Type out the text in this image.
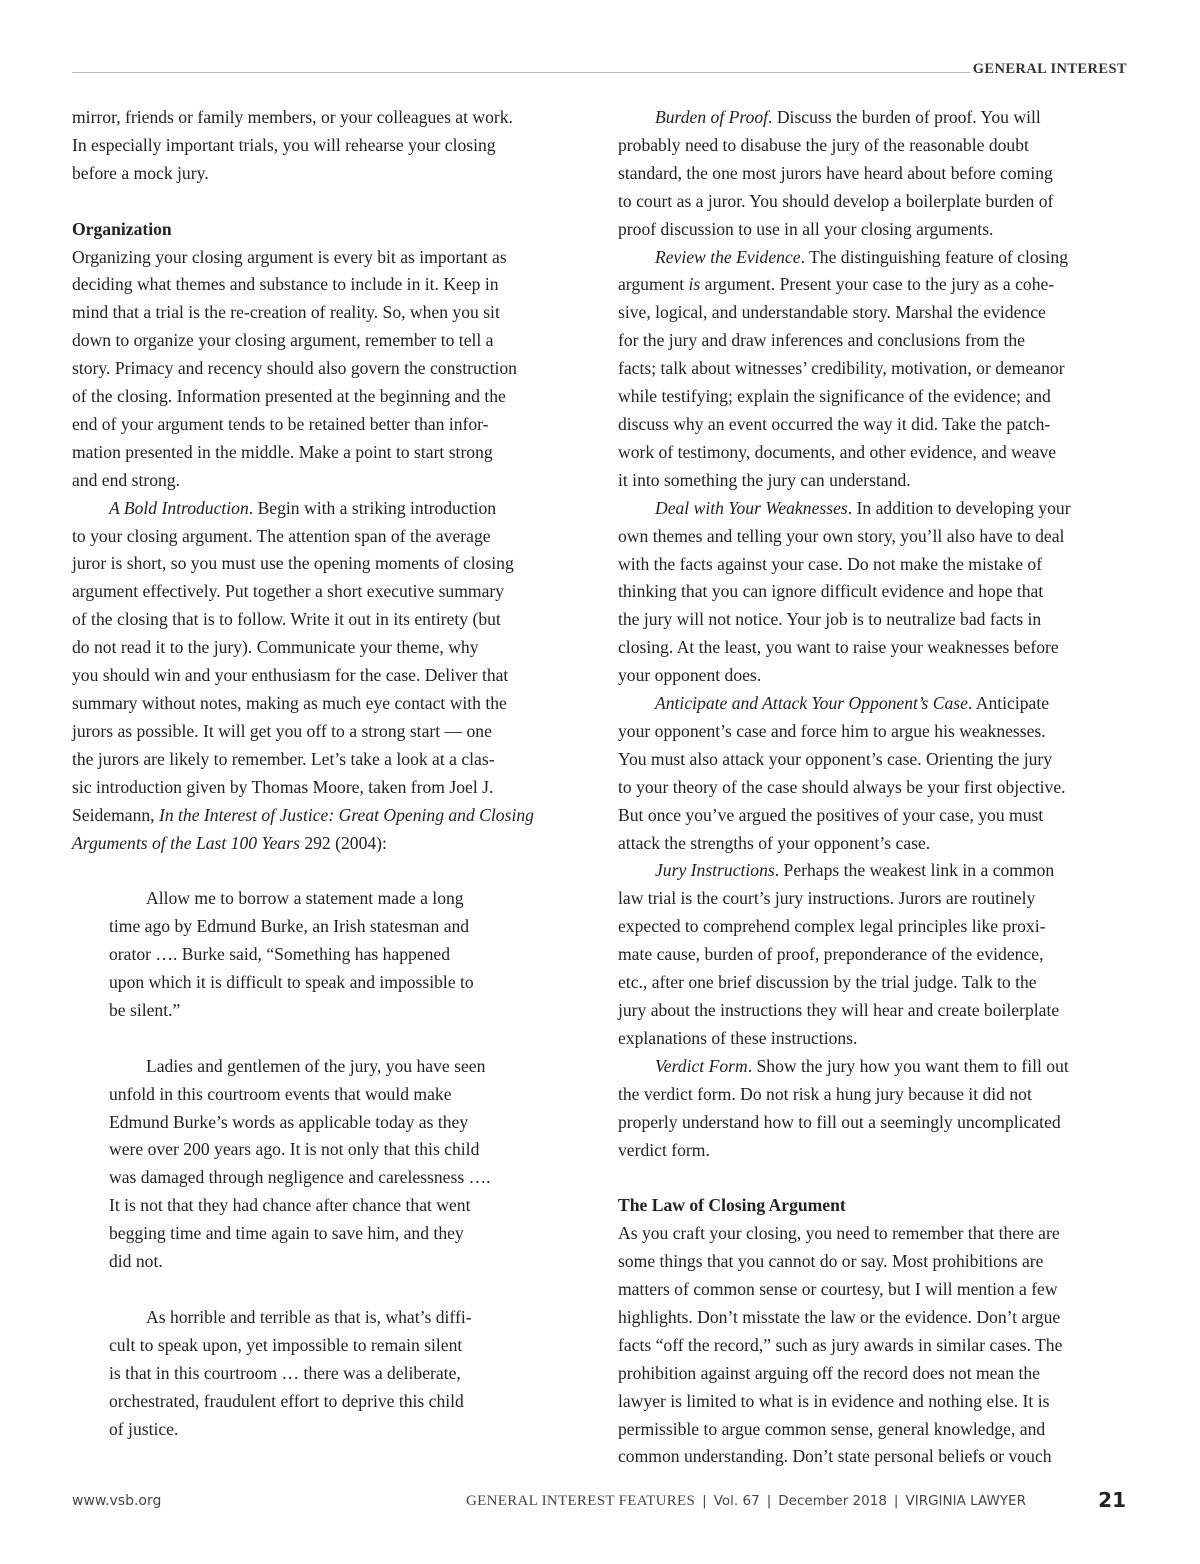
GENERAL INTEREST
mirror, friends or family members, or your colleagues at work.
In especially important trials, you will rehearse your closing
before a mock jury.
Organization
Organizing your closing argument is every bit as important as
deciding what themes and substance to include in it. Keep in
mind that a trial is the re-creation of reality. So, when you sit
down to organize your closing argument, remember to tell a
story. Primacy and recency should also govern the construction
of the closing. Information presented at the beginning and the
end of your argument tends to be retained better than infor-
mation presented in the middle. Make a point to start strong
and end strong.
A Bold Introduction. Begin with a striking introduction
to your closing argument. The attention span of the average
juror is short, so you must use the opening moments of closing
argument effectively. Put together a short executive summary
of the closing that is to follow. Write it out in its entirety (but
do not read it to the jury). Communicate your theme, why
you should win and your enthusiasm for the case. Deliver that
summary without notes, making as much eye contact with the
jurors as possible. It will get you off to a strong start — one
the jurors are likely to remember. Let’s take a look at a clas-
sic introduction given by Thomas Moore, taken from Joel J.
Seidemann, In the Interest of Justice: Great Opening and Closing
Arguments of the Last 100 Years 292 (2004):
Allow me to borrow a statement made a long
time ago by Edmund Burke, an Irish statesman and
orator …. Burke said, “Something has happened
upon which it is difficult to speak and impossible to
be silent.”
Ladies and gentlemen of the jury, you have seen
unfold in this courtroom events that would make
Edmund Burke’s words as applicable today as they
were over 200 years ago. It is not only that this child
was damaged through negligence and carelessness ….
It is not that they had chance after chance that went
begging time and time again to save him, and they
did not.
As horrible and terrible as that is, what’s diffi-
cult to speak upon, yet impossible to remain silent
is that in this courtroom … there was a deliberate,
orchestrated, fraudulent effort to deprive this child
of justice.
Burden of Proof. Discuss the burden of proof. You will
probably need to disabuse the jury of the reasonable doubt
standard, the one most jurors have heard about before coming
to court as a juror. You should develop a boilerplate burden of
proof discussion to use in all your closing arguments.
Review the Evidence. The distinguishing feature of closing
argument is argument. Present your case to the jury as a cohe-
sive, logical, and understandable story. Marshal the evidence
for the jury and draw inferences and conclusions from the
facts; talk about witnesses’ credibility, motivation, or demeanor
while testifying; explain the significance of the evidence; and
discuss why an event occurred the way it did. Take the patch-
work of testimony, documents, and other evidence, and weave
it into something the jury can understand.
Deal with Your Weaknesses. In addition to developing your
own themes and telling your own story, you’ll also have to deal
with the facts against your case. Do not make the mistake of
thinking that you can ignore difficult evidence and hope that
the jury will not notice. Your job is to neutralize bad facts in
closing. At the least, you want to raise your weaknesses before
your opponent does.
Anticipate and Attack Your Opponent’s Case. Anticipate
your opponent’s case and force him to argue his weaknesses.
You must also attack your opponent’s case. Orienting the jury
to your theory of the case should always be your first objective.
But once you’ve argued the positives of your case, you must
attack the strengths of your opponent’s case.
Jury Instructions. Perhaps the weakest link in a common
law trial is the court’s jury instructions. Jurors are routinely
expected to comprehend complex legal principles like proxi-
mate cause, burden of proof, preponderance of the evidence,
etc., after one brief discussion by the trial judge. Talk to the
jury about the instructions they will hear and create boilerplate
explanations of these instructions.
Verdict Form. Show the jury how you want them to fill out
the verdict form. Do not risk a hung jury because it did not
properly understand how to fill out a seemingly uncomplicated
verdict form.
The Law of Closing Argument
As you craft your closing, you need to remember that there are
some things that you cannot do or say. Most prohibitions are
matters of common sense or courtesy, but I will mention a few
highlights. Don’t misstate the law or the evidence. Don’t argue
facts “off the record,” such as jury awards in similar cases. The
prohibition against arguing off the record does not mean the
lawyer is limited to what is in evidence and nothing else. It is
permissible to argue common sense, general knowledge, and
common understanding. Don’t state personal beliefs or vouch
www.vsb.org	GENERAL INTEREST FEATURES | Vol. 67 | December 2018 | VIRGINIA LAWYER	21
